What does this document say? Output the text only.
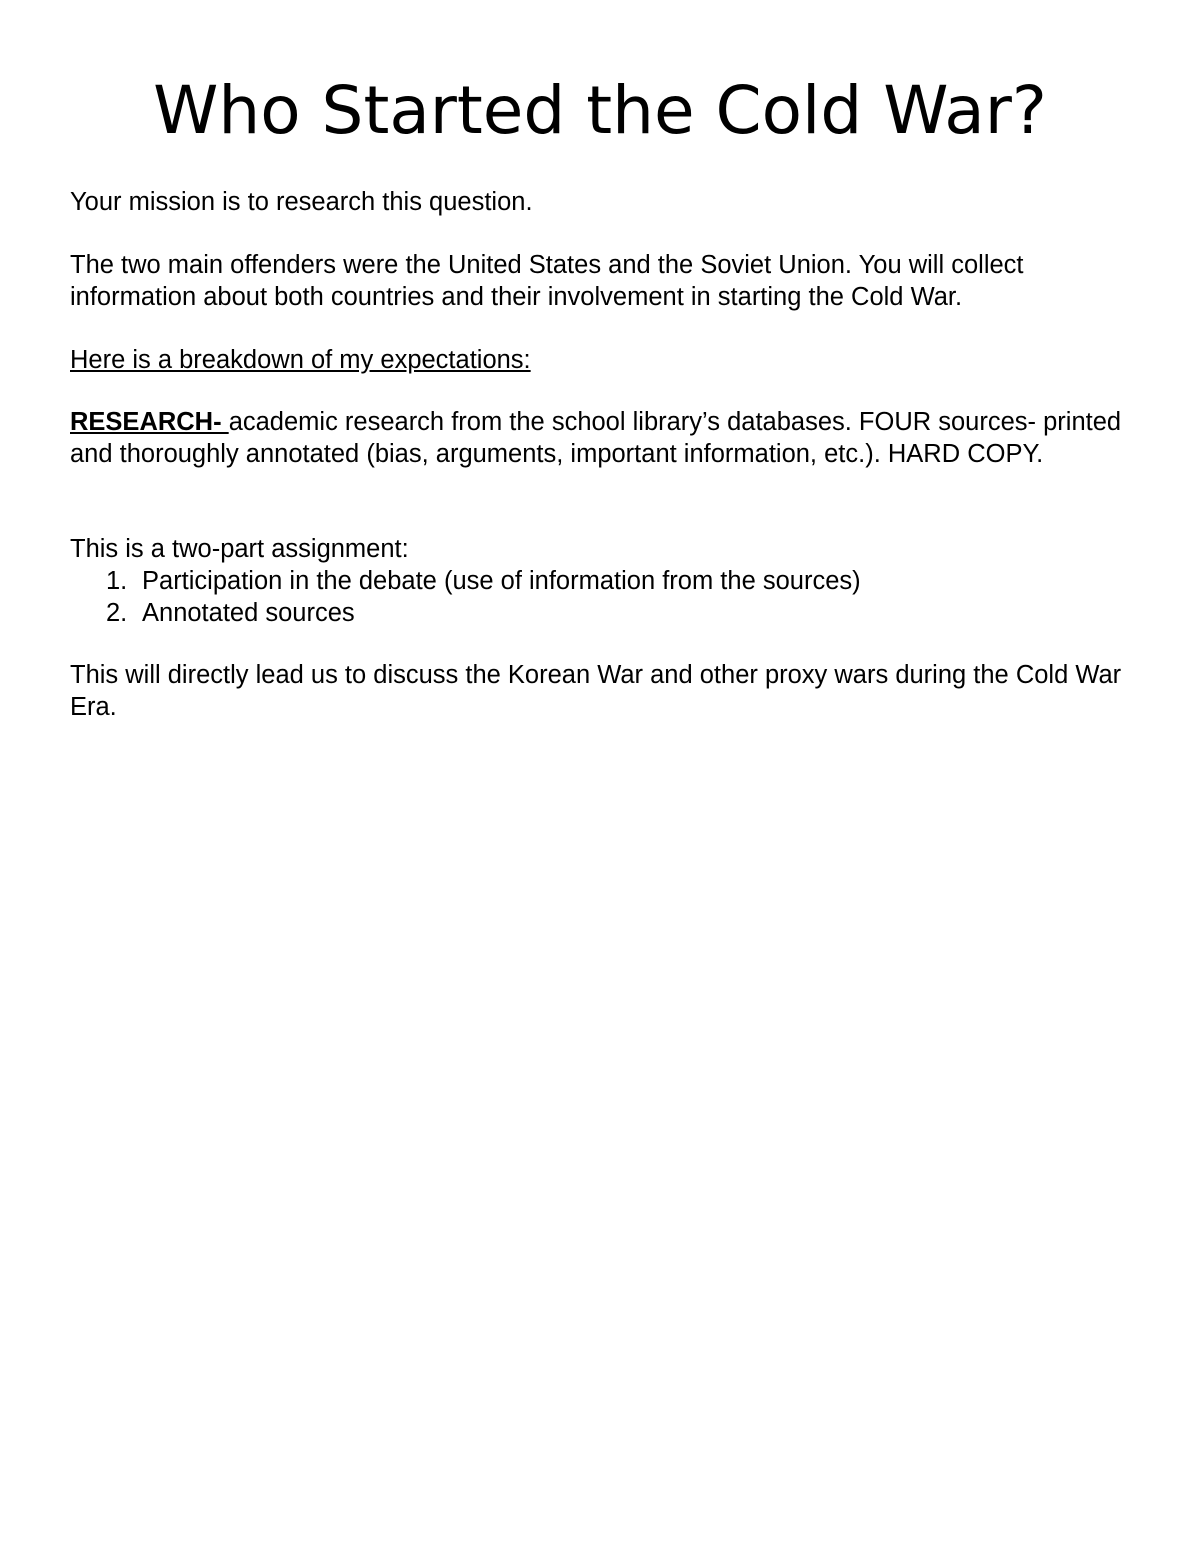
Who Started the Cold War?

Your mission is to research this question.

The two main offenders were the United States and the Soviet Union. You will collect information about both countries and their involvement in starting the Cold War.

Here is a breakdown of my expectations:

RESEARCH- academic research from the school library’s databases. FOUR sources- printed and thoroughly annotated (bias, arguments, important information, etc.). HARD COPY.

This is a two-part assignment:

1. Participation in the debate (use of information from the sources)
2. Annotated sources

This will directly lead us to discuss the Korean War and other proxy wars during the Cold War Era.
